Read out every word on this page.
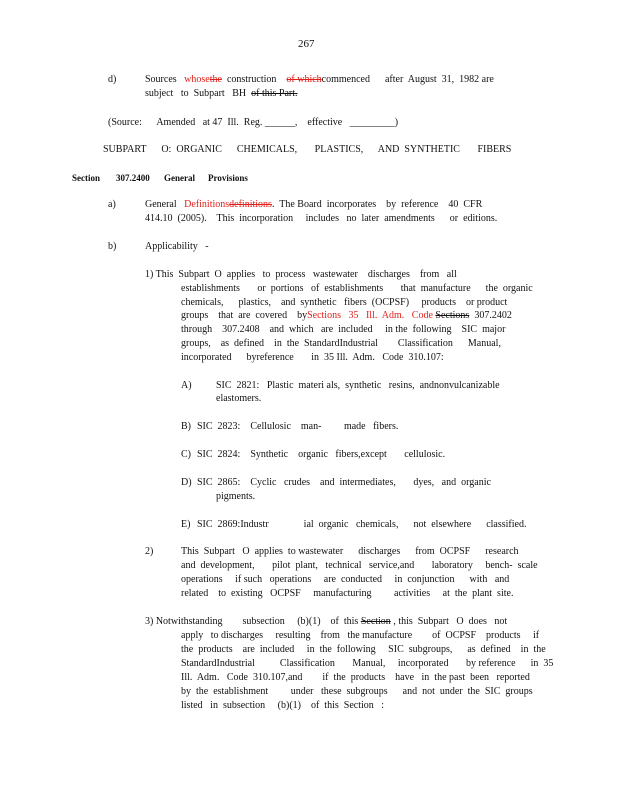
267
d)	Sources whosethe construction of whichcommenced after  August  31,  1982 are
subject   to  Subpart   BH of this Part.
(Source:      Amended   at 47  Ill.  Reg. ______,    effective _________)
SUBPART      O:  ORGANIC      CHEMICALS,       PLASTICS,      AND  SYNTHETIC       FIBERS
Section 307.2400 General Provisions
a)	General Definitionsdefinitions.  The Board  incorporates    by  reference    40  CFR
414.10  (2005).    This  incorporation     includes   no  later  amendments      or  editions.
b)	Applicability -
1) This  Subpart  O  applies   to  process   wastewater    discharges    from   all
establishments       or  portions   of  establishments       that  manufacture      the  organic
chemicals,      plastics,    and  synthetic   fibers  (OCPSF)     products    or product
groups    that  are  covered    bySections   35   Ill.  Adm.   Code Sections  307.2402
through    307.2408    and  which   are  included     in the  following    SIC  major
groups,    as  defined    in  the  StandardIndustrial        Classification      Manual,
incorporated      byreference       in  35 Ill.  Adm.   Code  310.107:
A) SIC  2821:   Plastic  materi als,  synthetic   resins,  andnonvulcanizable
elastomers.
B) SIC  2823:    Cellulosic    man-         made   fibers.
C) SIC  2824:    Synthetic    organic   fibers,except       cellulosic.
D) SIC  2865:    Cyclic   crudes    and  intermediates,       dyes,   and  organic
pigments.
E) SIC  2869:Industr              ial  organic   chemicals,      not  elsewhere      classified.
2)	This  Subpart   O  applies  to wastewater      discharges      from  OCPSF      research
and  development,       pilot  plant,   technical   service,and       laboratory     bench-  scale
operations     if such   operations     are  conducted     in  conjunction      with   and
related    to  existing   OCPSF     manufacturing         activities     at  the  plant  site.
3) Notwithstanding        subsection     (b)(1)    of  this Section , this  Subpart   O  does   not
apply   to discharges     resulting    from   the manufacture        of  OCPSF    products     if
the  products    are  included     in  the  following     SIC  subgroups,      as  defined    in  the
StandardIndustrial          Classification       Manual,     incorporated       by reference      in  35
Ill.  Adm.   Code  310.107,and        if  the  products    have   in  the past  been   reported
by  the  establishment         under   these  subgroups      and  not  under  the  SIC  groups
listed   in  subsection     (b)(1)    of  this  Section   :
